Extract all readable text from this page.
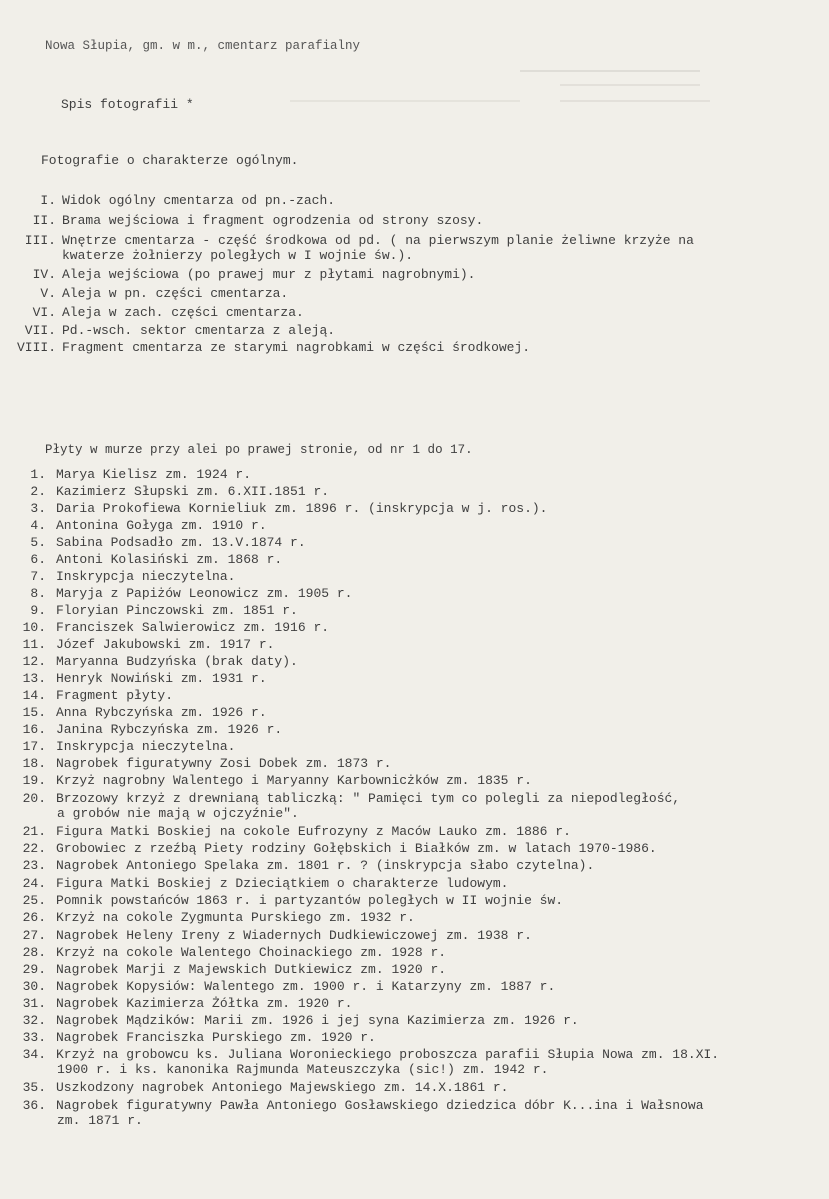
Nowa Słupia, gm. w m., cmentarz parafialny
Spis fotografii *
Fotografie o charakterze ogólnym.
I. Widok ogólny cmentarza od pn.-zach.
II. Brama wejściowa i fragment ogrodzenia od strony szosy.
III. Wnętrze cmentarza - część środkowa od pd. ( na pierwszym planie żeliwne krzyże na
kwaterze żołnierzy poległych w I wojnie św.).
IV. Aleja wejściowa (po prawej mur z płytami nagrobnymi).
V. Aleja w pn. części cmentarza.
VI. Aleja w zach. części cmentarza.
VII. Pd.-wsch. sektor cmentarza z aleją.
VIII. Fragment cmentarza ze starymi nagrobkami w części środkowej.
Płyty w murze przy alei po prawej stronie, od nr 1 do 17.
1. Marya Kielisz zm. 1924 r.
2. Kazimierz Słupski zm. 6.XII.1851 r.
3. Daria Prokofiewa Kornieliuk zm. 1896 r. (inskrypcja w j. ros.).
4. Antonina Gołyga zm. 1910 r.
5. Sabina Podsadło zm. 13.V.1874 r.
6. Antoni Kolasiński zm. 1868 r.
7. Inskrypcja nieczytelna.
8. Maryja z Papiżów Leonowicz zm. 1905 r.
9. Floryian Pinczowski zm. 1851 r.
10. Franciszek Salwierowicz zm. 1916 r.
11. Józef Jakubowski zm. 1917 r.
12. Maryanna Budzyńska (brak daty).
13. Henryk Nowiński zm. 1931 r.
14. Fragment płyty.
15. Anna Rybczyńska zm. 1926 r.
16. Janina Rybczyńska zm. 1926 r.
17. Inskrypcja nieczytelna.
18. Nagrobek figuratywny Zosi Dobek zm. 1873 r.
19. Krzyż nagrobny Walentego i Maryanny Karbownicżków zm. 1835 r.
20. Brzozowy krzyż z drewnianą tabliczką: " Pamięci tym co polegli za niepodległość,
a grobów nie mają w ojczyźnie".
21. Figura Matki Boskiej na cokole Eufrozyny z Maców Lauko zm. 1886 r.
22. Grobowiec z rzeźbą Piety rodziny Gołębskich i Białków zm. w latach 1970-1986.
23. Nagrobek Antoniego Spelaka zm. 1801 r. ? (inskrypcja słabo czytelna).
24. Figura Matki Boskiej z Dzieciątkiem o charakterze ludowym.
25. Pomnik powstańców 1863 r. i partyzantów poległych w II wojnie św.
26. Krzyż na cokole Zygmunta Purskiego zm. 1932 r.
27. Nagrobek Heleny Ireny z Wiadernych Dudkiewiczowej zm. 1938 r.
28. Krzyż na cokole Walentego Choinackiego zm. 1928 r.
29. Nagrobek Marji z Majewskich Dutkiewicz zm. 1920 r.
30. Nagrobek Kopysiów: Walentego zm. 1900 r. i Katarzyny zm. 1887 r.
31. Nagrobek Kazimierza Żółtka zm. 1920 r.
32. Nagrobek Mądzików: Marii zm. 1926 i jej syna Kazimierza zm. 1926 r.
33. Nagrobek Franciszka Purskiego zm. 1920 r.
34. Krzyż na grobowcu ks. Juliana Woronieckiego proboszcza parafii Słupia Nowa zm. 18.XI.
1900 r. i ks. kanonika Rajmunda Mateuszczyka (sic!) zm. 1942 r.
35. Uszkodzony nagrobek Antoniego Majewskiego zm. 14.X.1861 r.
36. Nagrobek figuratywny Pawła Antoniego Gosławskiego dziedzica dóbr K...ina i Wałsnowa
zm. 1871 r.
